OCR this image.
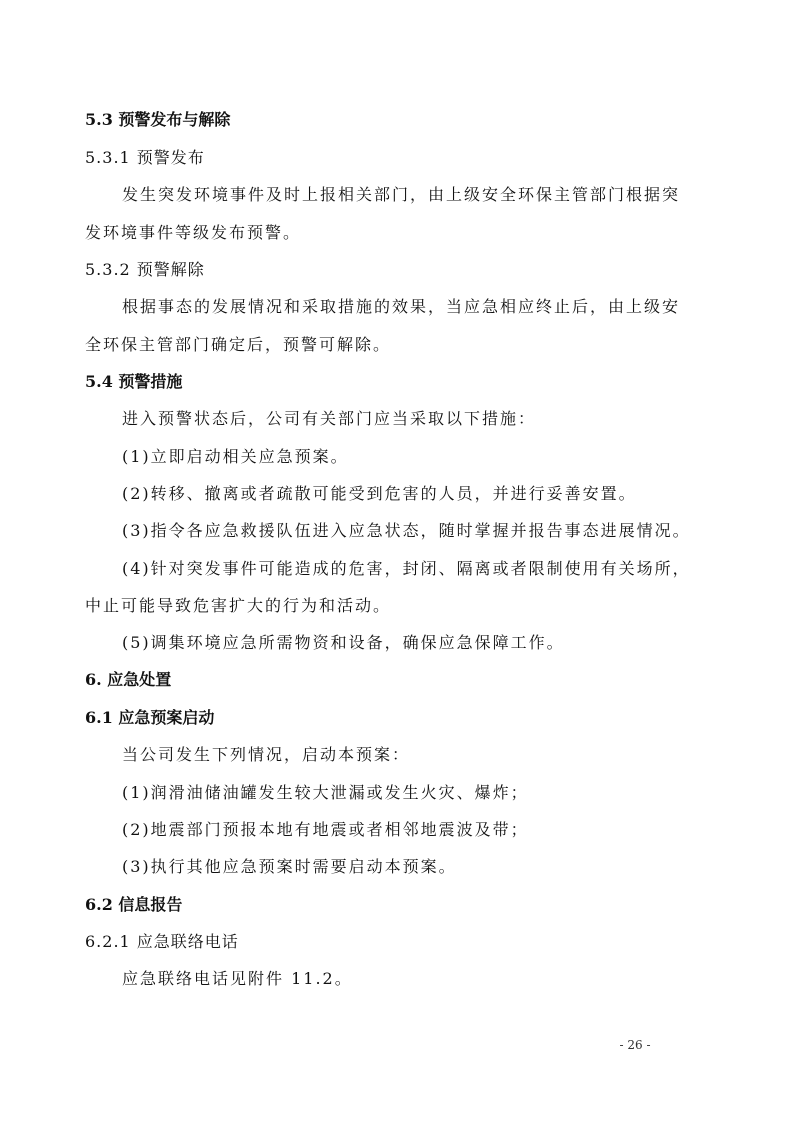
5.3 预警发布与解除
5.3.1 预警发布
发生突发环境事件及时上报相关部门，由上级安全环保主管部门根据突
发环境事件等级发布预警。
5.3.2 预警解除
根据事态的发展情况和采取措施的效果，当应急相应终止后，由上级安
全环保主管部门确定后，预警可解除。
5.4 预警措施
进入预警状态后，公司有关部门应当采取以下措施：
(1)立即启动相关应急预案。
(2)转移、撤离或者疏散可能受到危害的人员，并进行妥善安置。
(3)指令各应急救援队伍进入应急状态，随时掌握并报告事态进展情况。
(4)针对突发事件可能造成的危害，封闭、隔离或者限制使用有关场所，
中止可能导致危害扩大的行为和活动。
(5)调集环境应急所需物资和设备，确保应急保障工作。
6. 应急处置
6.1 应急预案启动
当公司发生下列情况，启动本预案：
(1)润滑油储油罐发生较大泄漏或发生火灾、爆炸；
(2)地震部门预报本地有地震或者相邻地震波及带；
(3)执行其他应急预案时需要启动本预案。
6.2 信息报告
6.2.1 应急联络电话
应急联络电话见附件 11.2。
- 26 -
